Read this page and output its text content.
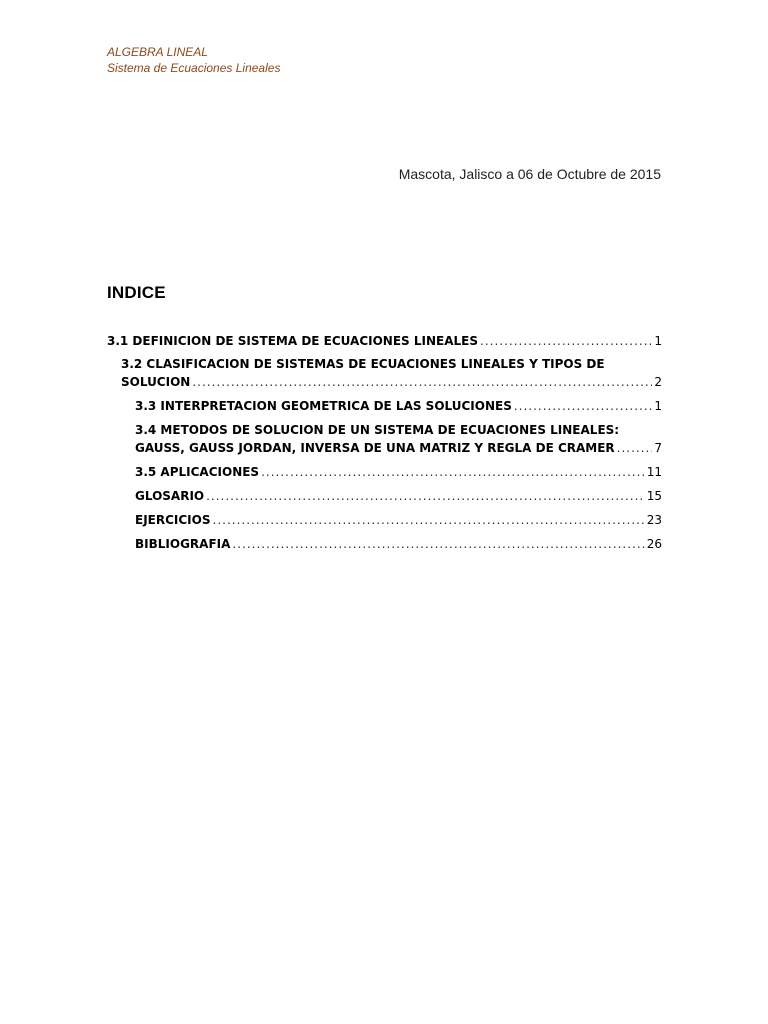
ALGEBRA LINEAL
Sistema de Ecuaciones Lineales
Mascota, Jalisco a 06 de Octubre de 2015
INDICE
3.1 DEFINICION DE SISTEMA DE ECUACIONES LINEALES .....	1
3.2 CLASIFICACION DE SISTEMAS DE ECUACIONES LINEALES Y TIPOS DE
SOLUCION .....	2
3.3 INTERPRETACION GEOMETRICA DE LAS SOLUCIONES .....	1
3.4 METODOS DE SOLUCION DE UN SISTEMA DE ECUACIONES LINEALES:
GAUSS, GAUSS JORDAN, INVERSA DE UNA MATRIZ Y REGLA DE CRAMER .....	7
3.5 APLICACIONES .....	11
GLOSARIO .....	15
EJERCICIOS .....	23
BIBLIOGRAFIA .....	26
